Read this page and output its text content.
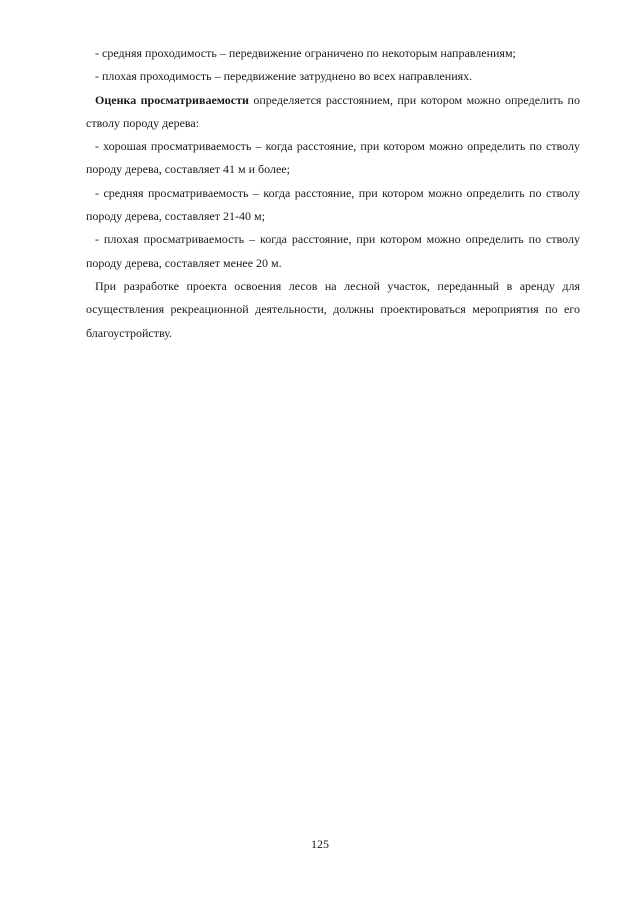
- средняя проходимость – передвижение ограничено по некоторым направлениям;

- плохая проходимость – передвижение затруднено во всех направлениях.

Оценка просматриваемости определяется расстоянием, при котором можно определить по стволу породу дерева:

- хорошая просматриваемость – когда расстояние, при котором можно определить по стволу породу дерева, составляет 41 м и более;

- средняя просматриваемость – когда расстояние, при котором можно определить по стволу породу дерева, составляет 21-40 м;

- плохая просматриваемость – когда расстояние, при котором можно определить по стволу породу дерева, составляет менее 20 м.

При разработке проекта освоения лесов на лесной участок, переданный в аренду для осуществления рекреационной деятельности, должны проектироваться мероприятия по его благоустройству.

125
